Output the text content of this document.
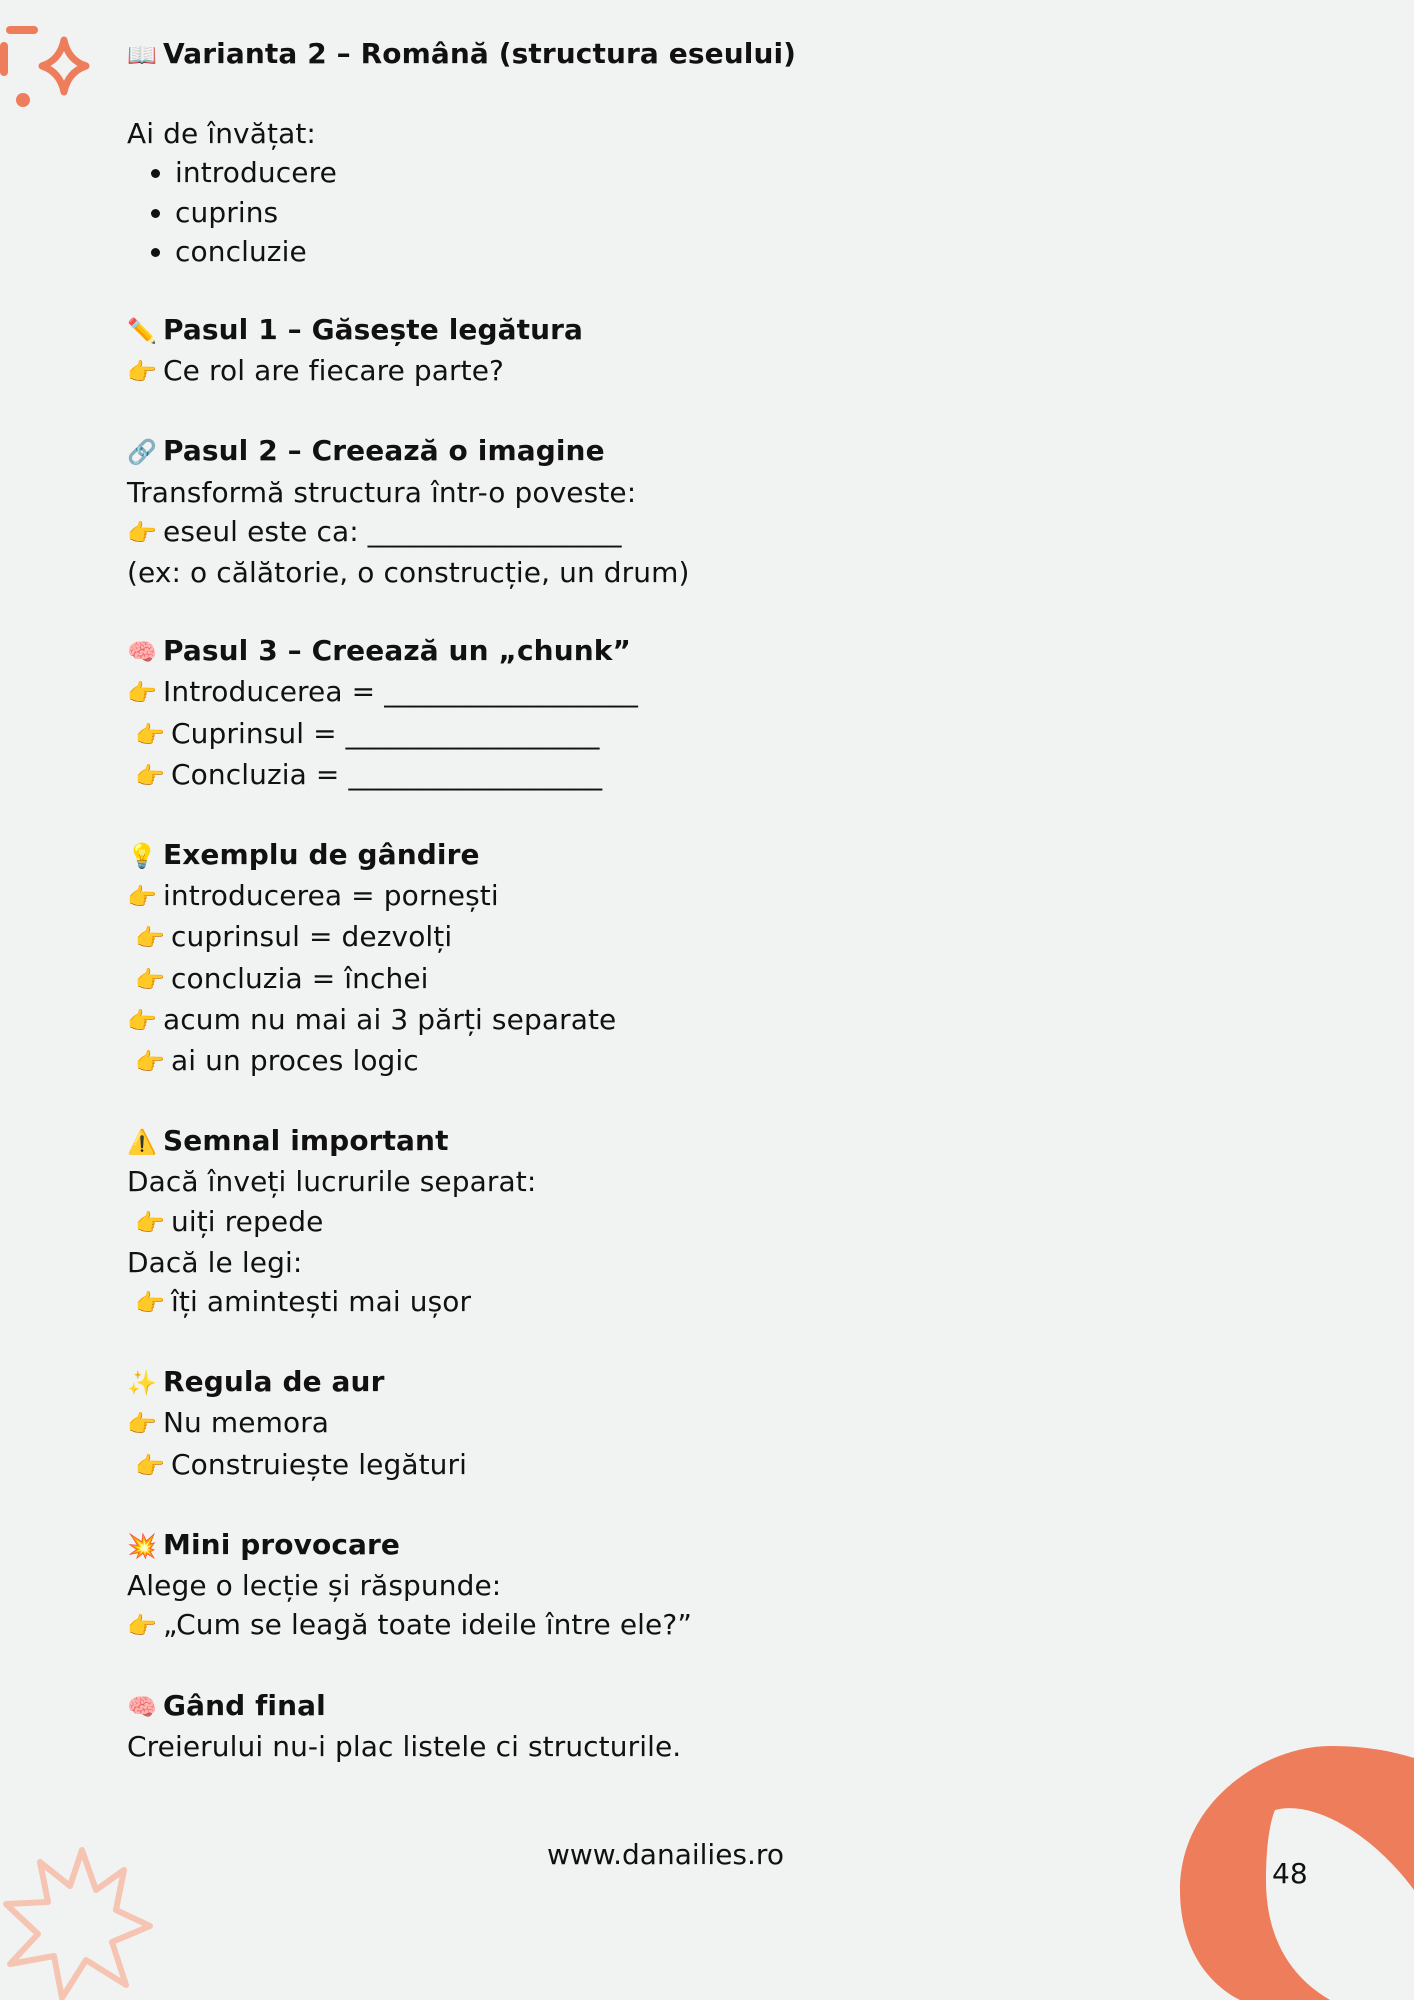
📖 Varianta 2 – Română (structura eseului)
Ai de învățat:
• introducere
• cuprins
• concluzie
✏️ Pasul 1 – Găsește legătura
👉 Ce rol are fiecare parte?
🔗 Pasul 2 – Creează o imagine
Transformă structura într-o poveste:
👉 eseul este ca: __________________
(ex: o călătorie, o construcție, un drum)
🧠 Pasul 3 – Creează un „chunk”
👉 Introducerea = __________________
👉 Cuprinsul = __________________
👉 Concluzia = __________________
💡 Exemplu de gândire
👉 introducerea = pornești
👉 cuprinsul = dezvolți
👉 concluzia = închei
👉 acum nu mai ai 3 părți separate
👉 ai un proces logic
⚠️ Semnal important
Dacă înveți lucrurile separat:
👉 uiți repede
Dacă le legi:
👉 îți amintești mai ușor
✨ Regula de aur
👉 Nu memora
👉 Construiește legături
💥 Mini provocare
Alege o lecție și răspunde:
👉 „Cum se leagă toate ideile între ele?”
🧠 Gând final
Creierului nu-i plac listele ci structurile.
www.danailies.ro
48
